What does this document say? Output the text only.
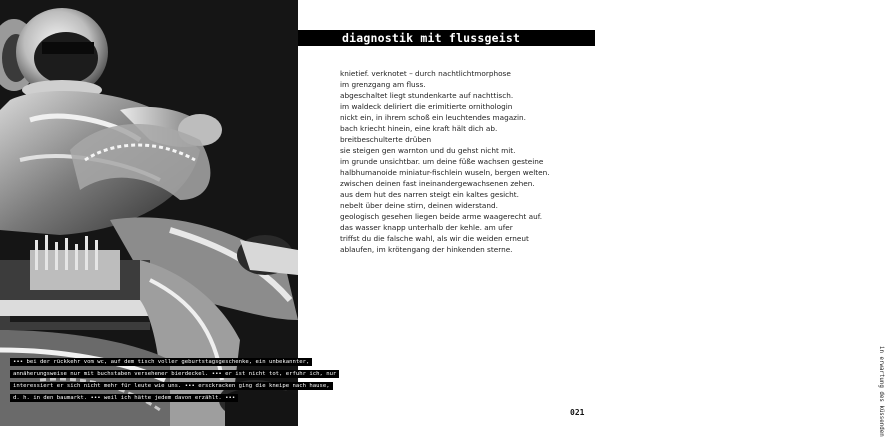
diagnostik mit flussgeist
knietief. verknotet – durch nachtlichtmorphose
im grenzgang am fluss.
abgeschaltet liegt stundenkarte auf nachttisch.
im waldeck deliriert die erimitierte ornithologin
nickt ein, in ihrem schoß ein leuchtendes magazin.
bach kriecht hinein, eine kraft hält dich ab.
breitbeschulterte drüben
sie steigen gen warnton und du gehst nicht mit.
im grunde unsichtbar. um deine füße wachsen gesteine
halbhumanoide miniatur-fischlein wuseln, bergen welten.
zwischen deinen fast ineinandergewachsenen zehen.
aus dem hut des narren steigt ein kaltes gesicht.
nebelt über deine stirn, deinen widerstand.
geologisch gesehen liegen beide arme waagerecht auf.
das wasser knapp unterhalb der kehle. am ufer
triffst du die falsche wahl, als wir die weiden erneut
ablaufen, im krötengang der hinkenden sterne.
in erwartung des küssenden
••• bei der rückkehr vom wc, auf dem tisch voller geburtstagsgeschenke, ein unbekannter,
annäherungsweise nur mit buchstaben versehener bierdeckel. ••• er ist nicht tot, erfuhr ich, nur
interessiert er sich nicht mehr für leute wie uns. ••• ersckracken ging die kneipe nach hause,
d. h. in den baumarkt. ••• weil ich hätte jedem davon erzählt. •••
021
